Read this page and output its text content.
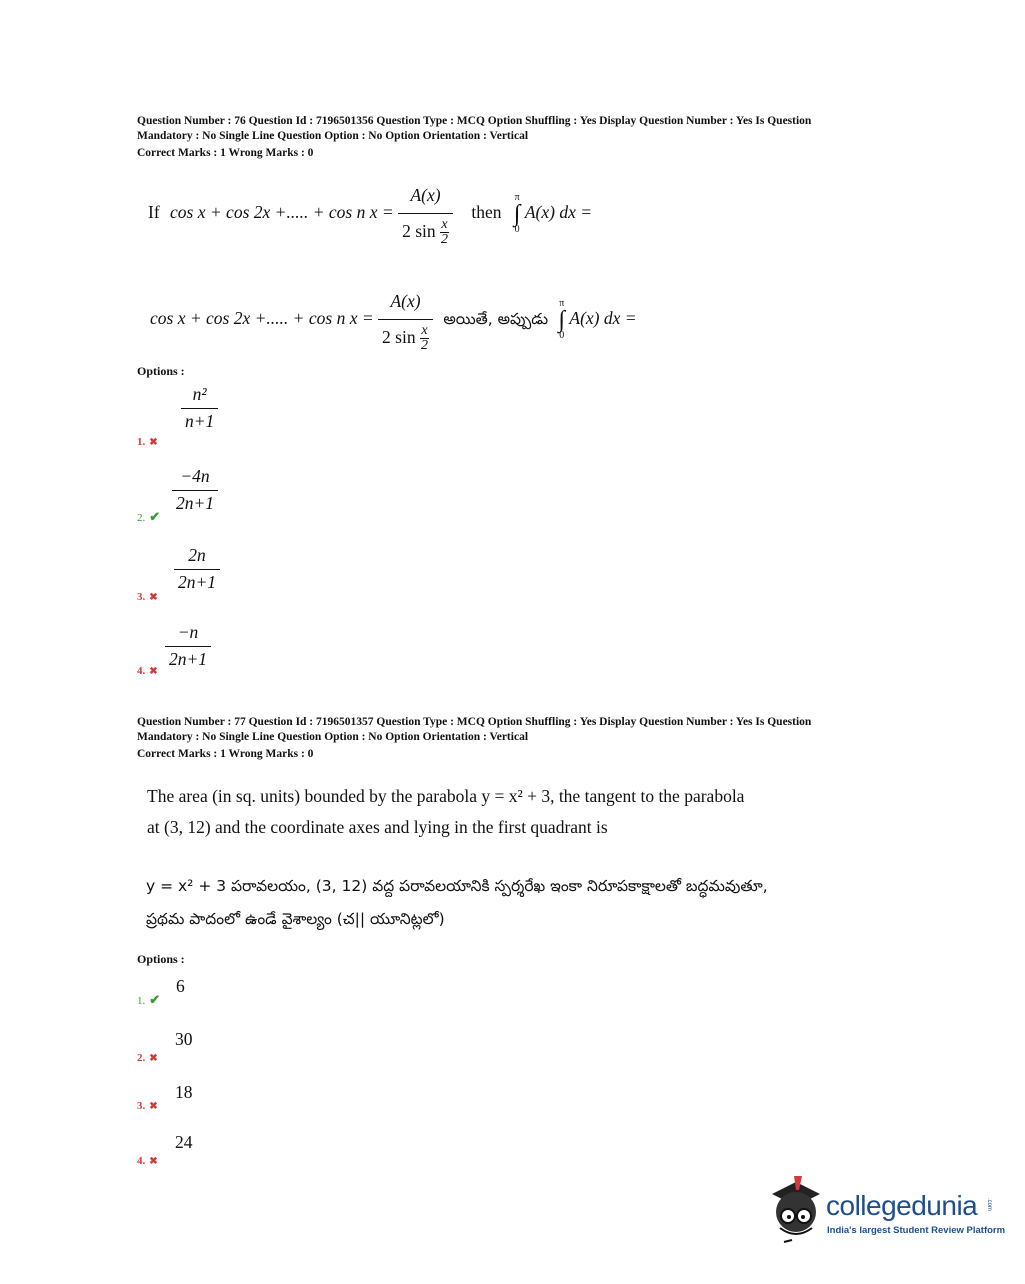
Question Number : 76 Question Id : 7196501356 Question Type : MCQ Option Shuffling : Yes Display Question Number : Yes Is Question
Mandatory : No Single Line Question Option : No Option Orientation : Vertical
Correct Marks : 1 Wrong Marks : 0
If cos x + cos 2x +..... + cos n $x = \frac{A(x)}{2 \sin \frac{x}{2}}$ then π
∫
0 A(x) dx =
cos x + cos 2x +..... + cos n $x = \frac{A(x)}{2 \sin \frac{x}{2}}$ అయితే, అప్పుడు π
∫
0 A(x) dx =
Options :
$\frac{\text{n²}}{n+1}$
1. ✖
$\frac{-4n}{2n+1}$
2. ✔
$\frac{2n}{2n+1}$
3. ✖
$\frac{-n}{2n+1}$
4. ✖
Question Number : 77 Question Id : 7196501357 Question Type : MCQ Option Shuffling : Yes Display Question Number : Yes Is Question
Mandatory : No Single Line Question Option : No Option Orientation : Vertical
Correct Marks : 1 Wrong Marks : 0
The area (in sq. units) bounded by the parabola y = x² + 3, the tangent to the parabola
at (3, 12) and the coordinate axes and lying in the first quadrant is
y = x² + 3 పరావలయం, (3, 12) వద్ద పరావలయానికి స్పర్శరేఖ ఇంకా నిరూపకాక్షాలతో బద్ధమవుతూ,
ప్రథమ పాదంలో ఉండే వైశాల్యం (చ|| యూనిట్లలో)
Options :
6
1. ✔
30
2. ✖
18
3. ✖
24
4. ✖
collegedunia .com
India's largest Student Review Platform
